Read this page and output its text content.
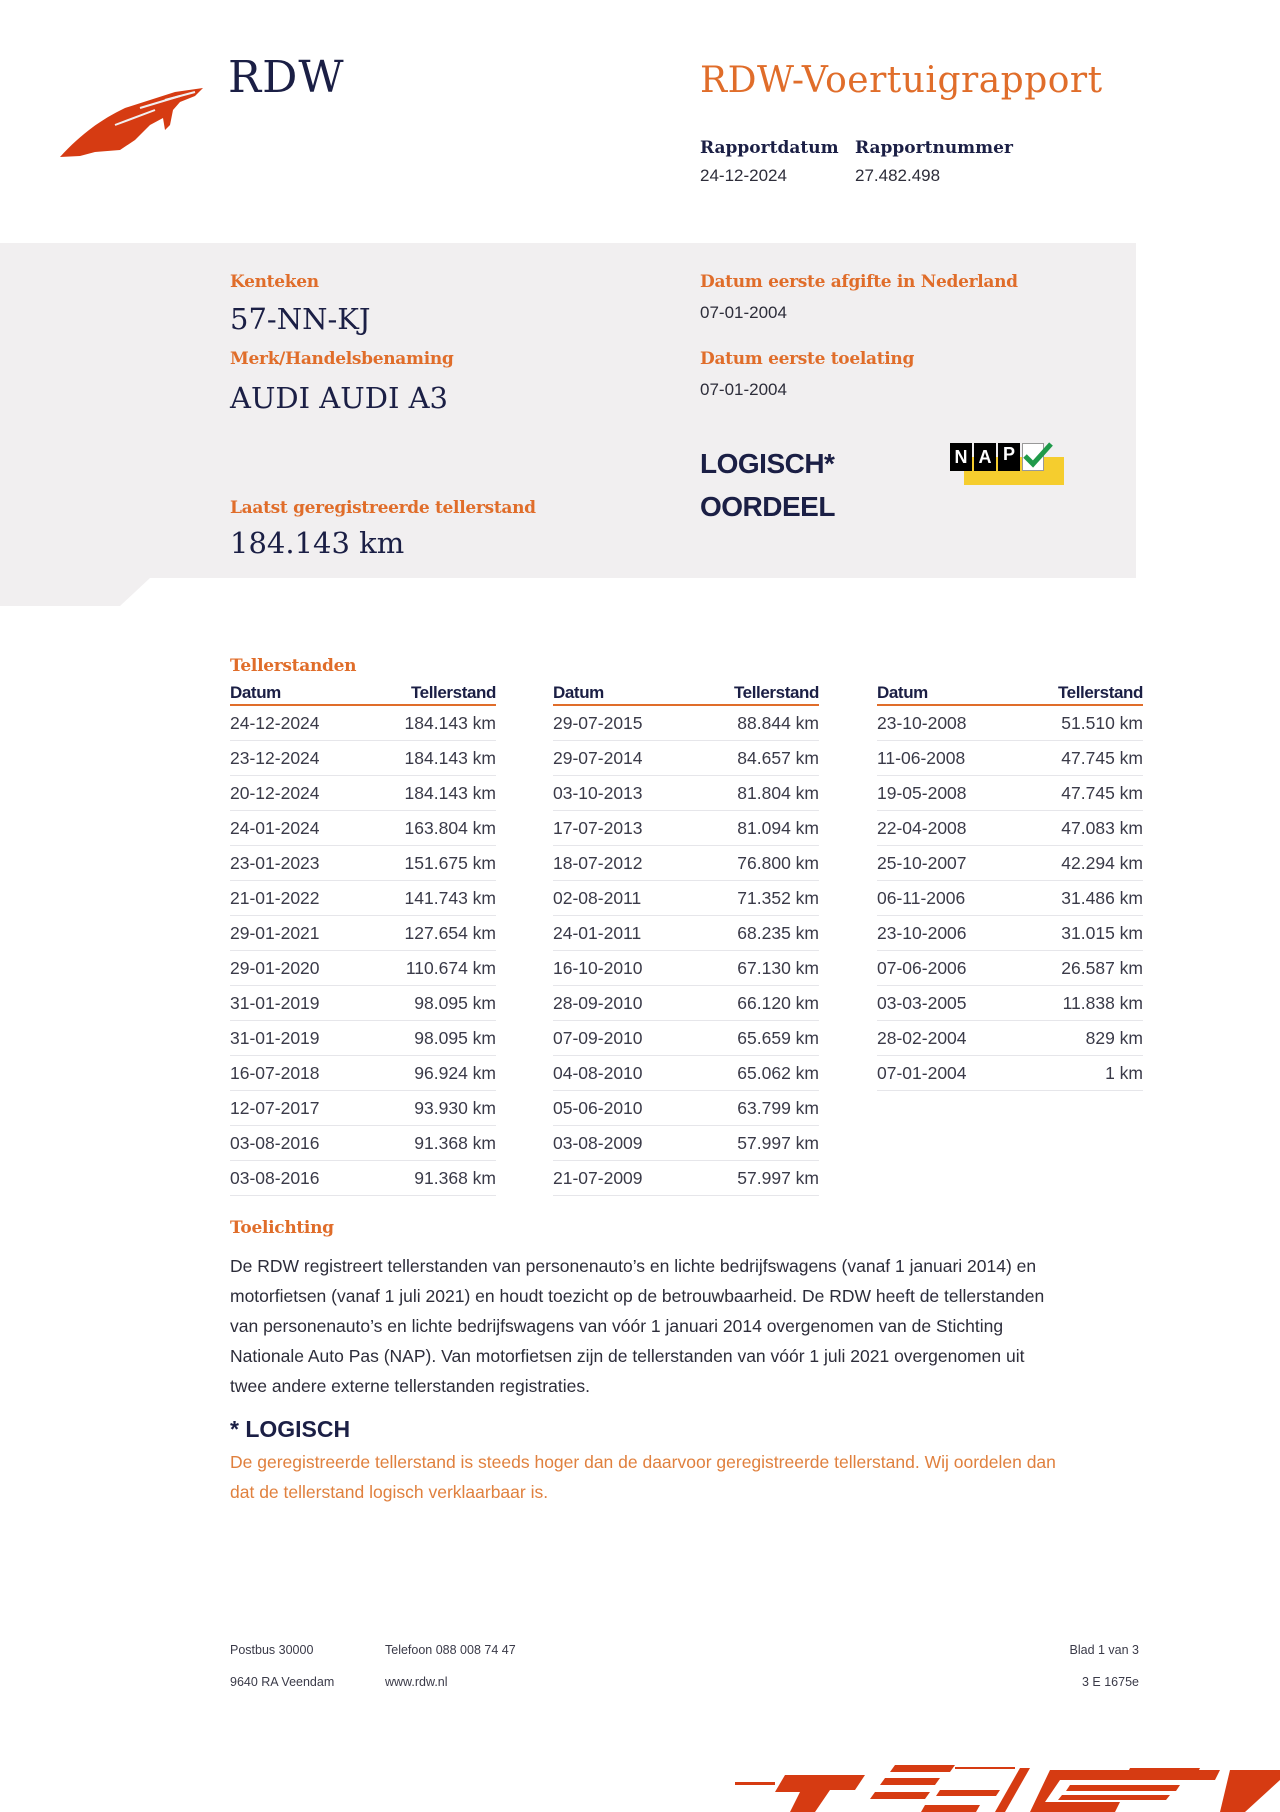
RDW	RDW-Voertuigrapport
Rapportdatum
24-12-2024
Rapportnummer
27.482.498
Kenteken
57-NN-KJ
Merk/Handelsbenaming
AUDI AUDI A3
Datum eerste afgifte in Nederland
07-01-2004
Datum eerste toelating
07-01-2004
LOGISCH*
OORDEEL
N A P
Laatst geregistreerde tellerstand
184.143 km
Tellerstanden
Datum	Tellerstand
24-12-2024	184.143 km
23-12-2024	184.143 km
20-12-2024	184.143 km
24-01-2024	163.804 km
23-01-2023	151.675 km
21-01-2022	141.743 km
29-01-2021	127.654 km
29-01-2020	110.674 km
31-01-2019	98.095 km
31-01-2019	98.095 km
16-07-2018	96.924 km
12-07-2017	93.930 km
03-08-2016	91.368 km
03-08-2016	91.368 km
Datum	Tellerstand
29-07-2015	88.844 km
29-07-2014	84.657 km
03-10-2013	81.804 km
17-07-2013	81.094 km
18-07-2012	76.800 km
02-08-2011	71.352 km
24-01-2011	68.235 km
16-10-2010	67.130 km
28-09-2010	66.120 km
07-09-2010	65.659 km
04-08-2010	65.062 km
05-06-2010	63.799 km
03-08-2009	57.997 km
21-07-2009	57.997 km
Datum	Tellerstand
23-10-2008	51.510 km
11-06-2008	47.745 km
19-05-2008	47.745 km
22-04-2008	47.083 km
25-10-2007	42.294 km
06-11-2006	31.486 km
23-10-2006	31.015 km
07-06-2006	26.587 km
03-03-2005	11.838 km
28-02-2004	829 km
07-01-2004	1 km
Toelichting
De RDW registreert tellerstanden van personenauto’s en lichte bedrijfswagens (vanaf 1 januari 2014) en
motorfietsen (vanaf 1 juli 2021) en houdt toezicht op de betrouwbaarheid. De RDW heeft de tellerstanden
van personenauto’s en lichte bedrijfswagens van vóór 1 januari 2014 overgenomen van de Stichting
Nationale Auto Pas (NAP). Van motorfietsen zijn de tellerstanden van vóór 1 juli 2021 overgenomen uit
twee andere externe tellerstanden registraties.
* LOGISCH
De geregistreerde tellerstand is steeds hoger dan de daarvoor geregistreerde tellerstand. Wij oordelen dan
dat de tellerstand logisch verklaarbaar is.
Postbus 30000
9640 RA Veendam
Telefoon 088 008 74 47
www.rdw.nl
Blad 1 van 3
3 E 1675e
